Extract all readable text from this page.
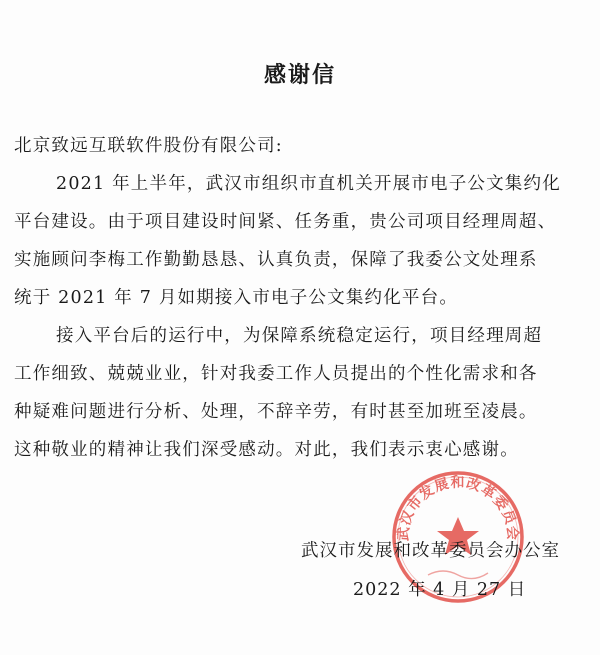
感谢信
北京致远互联软件股份有限公司:
2021 年上半年，武汉市组织市直机关开展市电子公文集约化
平台建设。由于项目建设时间紧、任务重，贵公司项目经理周超、
实施顾问李梅工作勤勤恳恳、认真负责，保障了我委公文处理系
统于 2021 年 7 月如期接入市电子公文集约化平台。
接入平台后的运行中，为保障系统稳定运行，项目经理周超
工作细致、兢兢业业，针对我委工作人员提出的个性化需求和各
种疑难问题进行分析、处理，不辞辛劳，有时甚至加班至凌晨。
这种敬业的精神让我们深受感动。对此，我们表示衷心感谢。
武汉市发展和改革委员会
武汉市发展和改革委员会办公室
2022 年 4 月 27 日
